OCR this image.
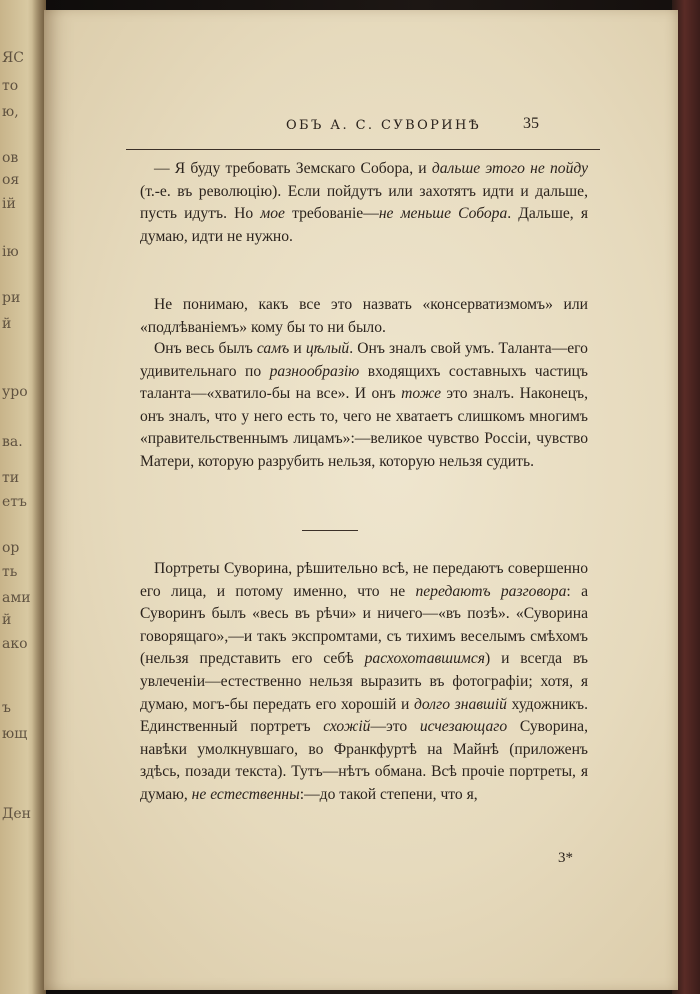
ЯС
то
ю,
ов
оя
ій
ію
ри
й
уро
ва.
ти
етъ
ор
ть
ами
й
ако
ъ
ющ
Ден
ОБЪ А. С. СУВОРИНѢ	35

— Я буду требовать Земскаго Собора, и дальше этого не пойду (т.-е. въ революцію). Если пойдутъ или захотятъ идти и дальше, пусть идутъ. Но мое требованіе—не меньше Собора. Дальше, я думаю, идти не нужно.

Не понимаю, какъ все это назвать «консерватизмомъ» или «подлѣваніемъ» кому бы то ни было.

Онъ весь былъ самъ и цѣлый. Онъ зналъ свой умъ. Таланта—его удивительнаго по разнообразію входящихъ составныхъ частицъ таланта—«хватило-бы на все». И онъ тоже это зналъ. Наконецъ, онъ зналъ, что у него есть то, чего не хватаетъ слишкомъ многимъ «правительственнымъ лицамъ»:—великое чувство Россіи, чувство Матери, которую разрубить нельзя, которую нельзя судить.

Портреты Суворина, рѣшительно всѣ, не передаютъ совершенно его лица, и потому именно, что не передаютъ разговора: а Суворинъ былъ «весь въ рѣчи» и ничего—«въ позѣ». «Суворина говорящаго»,—и такъ экспромтами, съ тихимъ веселымъ смѣхомъ (нельзя представить его себѣ расхохотавшимся) и всегда въ увлеченіи—естественно нельзя выразить въ фотографіи; хотя, я думаю, могъ-бы передать его хорошій и долго знавшій художникъ. Единственный портретъ схожій—это исчезающаго Суворина, навѣки умолкнувшаго, во Франкфуртѣ на Майнѣ (приложенъ здѣсь, позади текста). Тутъ—нѣтъ обмана. Всѣ прочіе портреты, я думаю, не естественны:—до такой степени, что я,

3*
